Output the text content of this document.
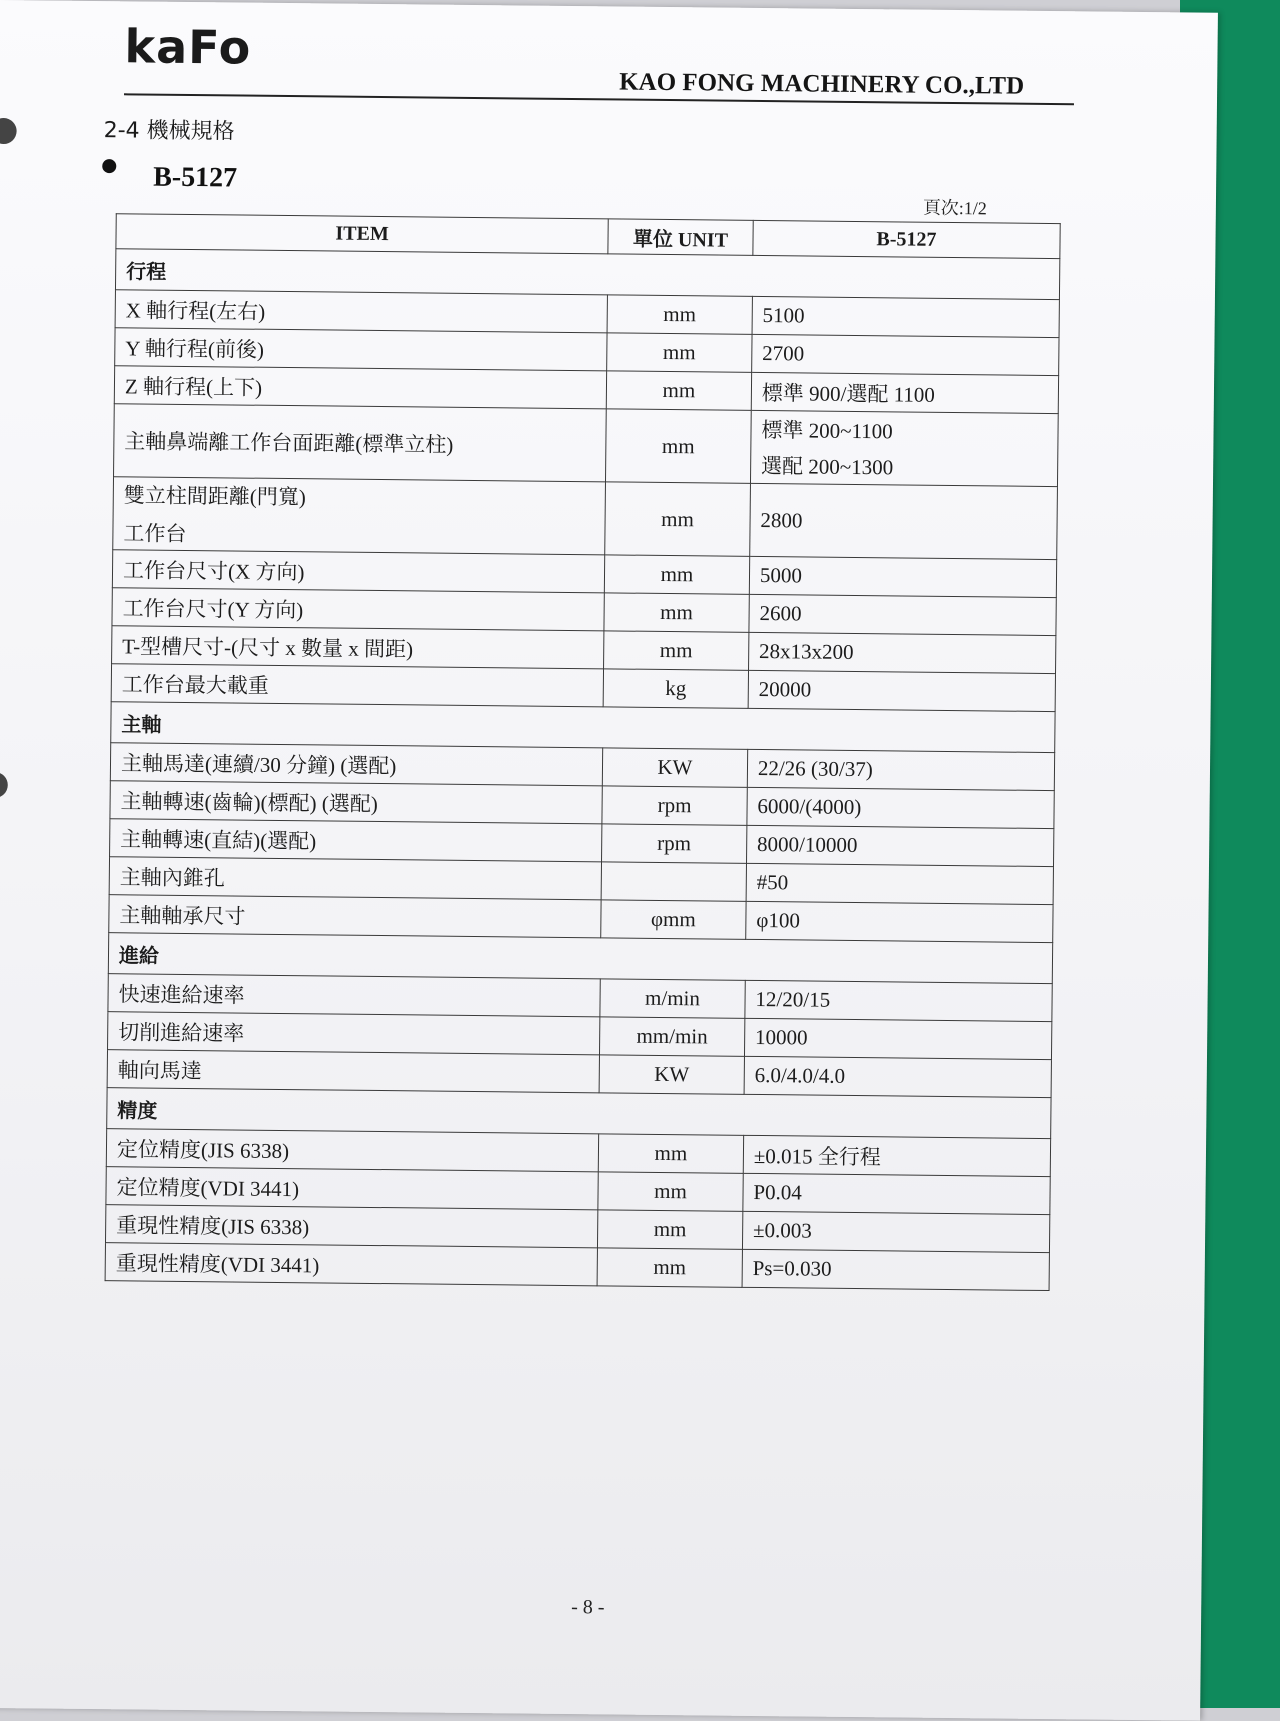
kaFo
KAO FONG MACHINERY CO.,LTD
2-4 機械規格
B-5127
頁次:1/2
ITEM	單位 UNIT	B-5127
行程		
X 軸行程(左右)	mm	5100
Y 軸行程(前後)	mm	2700
Z 軸行程(上下)	mm	標準 900/選配 1100
主軸鼻端離工作台面距離(標準立柱)	mm	標準 200~1100
選配 200~1300

雙立柱間距離(門寬)
工作台	mm	2800
工作台尺寸(X 方向)	mm	5000
工作台尺寸(Y 方向)	mm	2600
T-型槽尺寸-(尺寸 x 數量 x 間距)	mm	28x13x200
工作台最大載重	kg	20000
主軸		
主軸馬達(連續/30 分鐘) (選配)	KW	22/26 (30/37)
主軸轉速(齒輪)(標配) (選配)	rpm	6000/(4000)
主軸轉速(直結)(選配)	rpm	8000/10000
主軸內錐孔		#50
主軸軸承尺寸	φmm	φ100
進給		
快速進給速率	m/min	12/20/15
切削進給速率	mm/min	10000
軸向馬達	KW	6.0/4.0/4.0
精度		
定位精度(JIS 6338)	mm	±0.015 全行程
定位精度(VDI 3441)	mm	P0.04
重現性精度(JIS 6338)	mm	±0.003
重現性精度(VDI 3441)	mm	Ps=0.030
- 8 -
